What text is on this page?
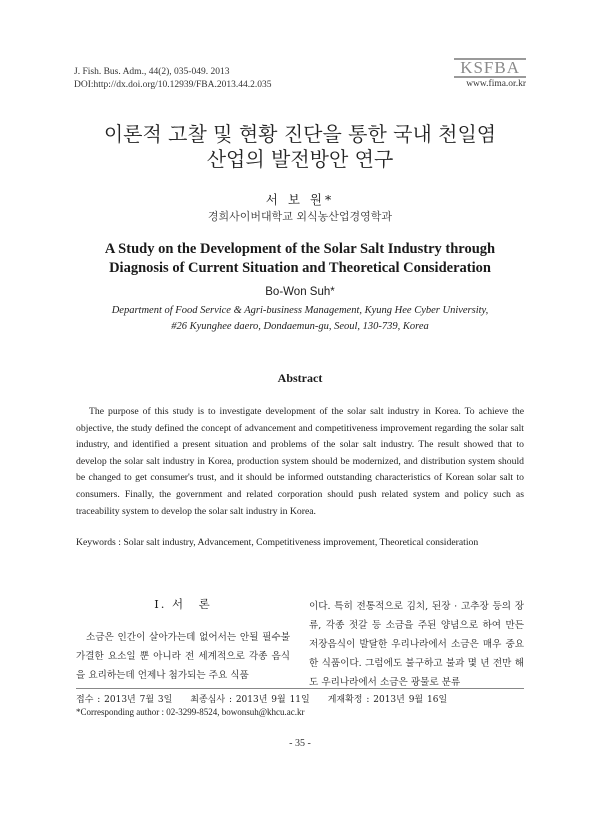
J. Fish. Bus. Adm., 44(2), 035-049. 2013
DOI:http://dx.doi.org/10.12939/FBA.2013.44.2.035
KSFBA
www.fima.or.kr
이론적 고찰 및 현황 진단을 통한 국내 천일염
산업의 발전방안 연구
서 보 원*
경희사이버대학교 외식농산업경영학과
A Study on the Development of the Solar Salt Industry through
Diagnosis of Current Situation and Theoretical Consideration
Bo-Won Suh*
Department of Food Service & Agri-business Management, Kyung Hee Cyber University,
#26 Kyunghee daero, Dondaemun-gu, Seoul, 130-739, Korea
Abstract
The purpose of this study is to investigate development of the solar salt industry in Korea. To achieve the objective, the study defined the concept of advancement and competitiveness improvement regarding the solar salt industry, and identified a present situation and problems of the solar salt industry. The result showed that to develop the solar salt industry in Korea, production system should be modernized, and distribution system should be changed to get consumer's trust, and it should be informed outstanding characteristics of Korean solar salt to consumers. Finally, the government and related corporation should push related system and policy such as traceability system to develop the solar salt industry in Korea.
Keywords : Solar salt industry, Advancement, Competitiveness improvement, Theoretical consideration
Ⅰ. 서　론
소금은 인간이 살아가는데 없어서는 안될 필수불가결한 요소일 뿐 아니라 전 세계적으로 각종 음식을 요리하는데 언제나 첨가되는 주요 식품
이다. 특히 전통적으로 김치, 된장 · 고추장 등의 장류, 각종 젓갈 등 소금을 주된 양념으로 하여 만든 저장음식이 발달한 우리나라에서 소금은 매우 중요한 식품이다. 그럼에도 불구하고 불과 몇 년 전만 해도 우리나라에서 소금은 광물로 분류
접수 : 2013년 7월 3일　　최종심사 : 2013년 9월 11일　　게재확정 : 2013년 9월 16일
*Corresponding author : 02-3299-8524, bowonsuh@khcu.ac.kr
- 35 -
